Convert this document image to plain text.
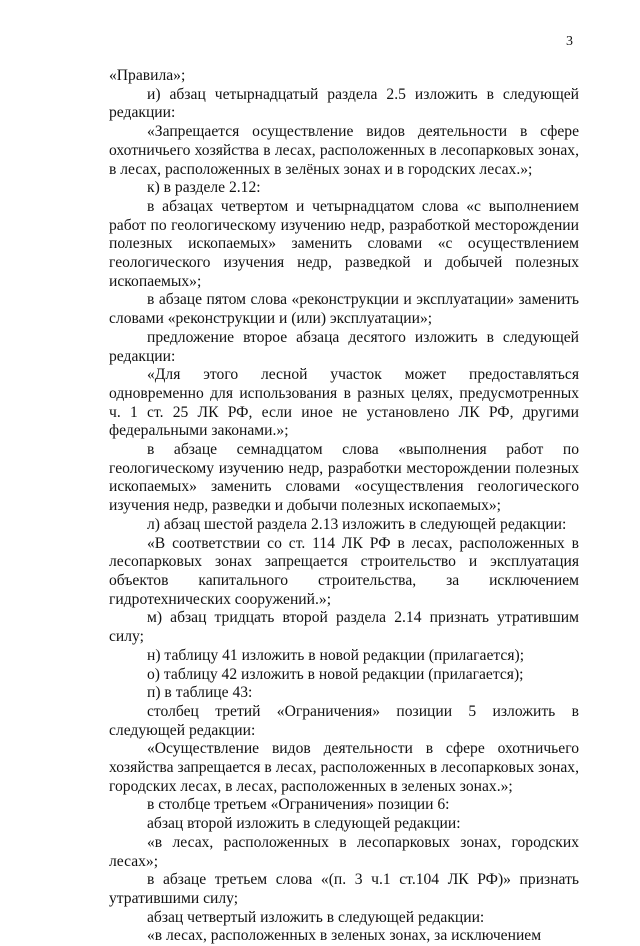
3

«Правила»;

и) абзац четырнадцатый раздела 2.5 изложить в следующей редакции:

«Запрещается осуществление видов деятельности в сфере охотничьего хозяйства в лесах, расположенных в лесопарковых зонах, в лесах, расположенных в зелёных зонах и в городских лесах.»;

к) в разделе 2.12:

в абзацах четвертом и четырнадцатом слова «с выполнением работ по геологическому изучению недр, разработкой месторождении полезных ископаемых» заменить словами «с осуществлением геологического изучения недр, разведкой и добычей полезных ископаемых»;

в абзаце пятом слова «реконструкции и эксплуатации» заменить словами «реконструкции и (или) эксплуатации»;

предложение второе абзаца десятого изложить в следующей редакции:

«Для этого лесной участок может предоставляться одновременно для использования в разных целях, предусмотренных ч. 1 ст. 25 ЛК РФ, если иное не установлено ЛК РФ, другими федеральными законами.»;

в абзаце семнадцатом слова «выполнения работ по геологическому изучению недр, разработки месторождении полезных ископаемых» заменить словами «осуществления геологического изучения недр, разведки и добычи полезных ископаемых»;

л) абзац шестой раздела 2.13 изложить в следующей редакции:

«В соответствии со ст. 114 ЛК РФ в лесах, расположенных в лесопарковых зонах запрещается строительство и эксплуатация объектов капитального строительства, за исключением гидротехнических сооружений.»;

м) абзац тридцать второй раздела 2.14 признать утратившим силу;

н) таблицу 41 изложить в новой редакции (прилагается);

о) таблицу 42 изложить в новой редакции (прилагается);

п) в таблице 43:

столбец третий «Ограничения» позиции 5 изложить в следующей редакции:

«Осуществление видов деятельности в сфере охотничьего хозяйства запрещается в лесах, расположенных в лесопарковых зонах, городских лесах, в лесах, расположенных в зеленых зонах.»;

в столбце третьем «Ограничения» позиции 6:

абзац второй изложить в следующей редакции:

«в лесах, расположенных в лесопарковых зонах, городских лесах»;

в абзаце третьем слова «(п. 3 ч.1 ст.104 ЛК РФ)» признать утратившими силу;

абзац четвертый изложить в следующей редакции:

«в лесах, расположенных в зеленых зонах, за исключением
